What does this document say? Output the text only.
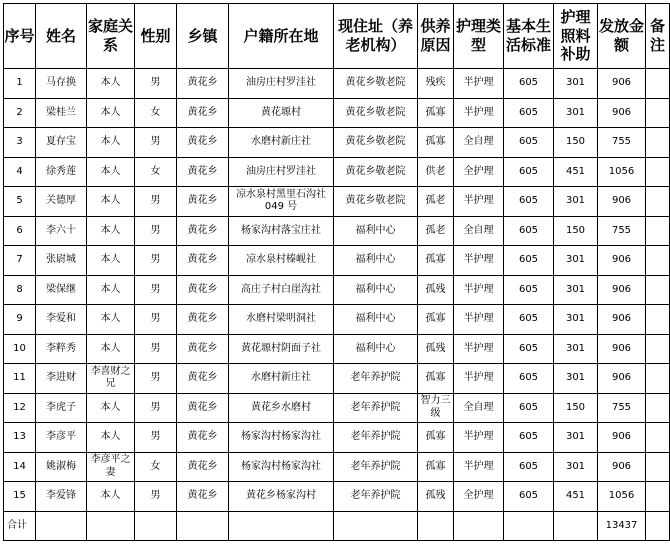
序号	姓名	家庭关系	性别	乡镇	户籍所在地	现住址（养老机构）	供养原因	护理类型	基本生活标准	护理照料补助	发放金额	备注
1	马存换	本人	男	黄花乡	油房庄村罗洼社	黄花乡敬老院	残疾	半护理	605	301	906	
2	梁桂兰	本人	女	黄花乡	黄花塬村	黄花乡敬老院	孤寡	半护理	605	301	906	
3	夏存宝	本人	男	黄花乡	水磨村新庄社	黄花乡敬老院	孤寡	全自理	605	150	755	
4	徐秀莲	本人	女	黄花乡	油房庄村罗洼社	黄花乡敬老院	供老	全护理	605	451	1056	
5	关德厚	本人	男	黄花乡	凉水泉村黑里石沟社049 号	黄花乡敬老院	孤老	半护理	605	301	906	
6	李六十	本人	男	黄花乡	杨家沟村落宝庄社	福利中心	孤老	全自理	605	150	755	
7	张尉城	本人	男	黄花乡	凉水泉村榛岘社	福利中心	孤寡	半护理	605	301	906	
8	梁保继	本人	男	黄花乡	高庄子村白崖沟社	福利中心	孤残	半护理	605	301	906	
9	李爱和	本人	男	黄花乡	水磨村梁明洞社	福利中心	孤寡	半护理	605	301	906	
10	李粹秀	本人	男	黄花乡	黄花塬村阴面子社	福利中心	孤残	半护理	605	301	906	
11	李进财	李喜财之兄	男	黄花乡	水磨村新庄社	老年养护院	孤寡	半护理	605	301	906	
12	李虎子	本人	男	黄花乡	黄花乡水磨村	老年养护院	智力三级	全自理	605	150	755	
13	李彦平	本人	男	黄花乡	杨家沟村杨家沟社	老年养护院	孤寡	半护理	605	301	906	
14	姚淑梅	李彦平之妻	女	黄花乡	杨家沟村杨家沟社	老年养护院	孤寡	半护理	605	301	906	
15	李爱锋	本人	男	黄花乡	黄花乡杨家沟村	老年养护院	孤残	全护理	605	451	1056	
合计											13437	
